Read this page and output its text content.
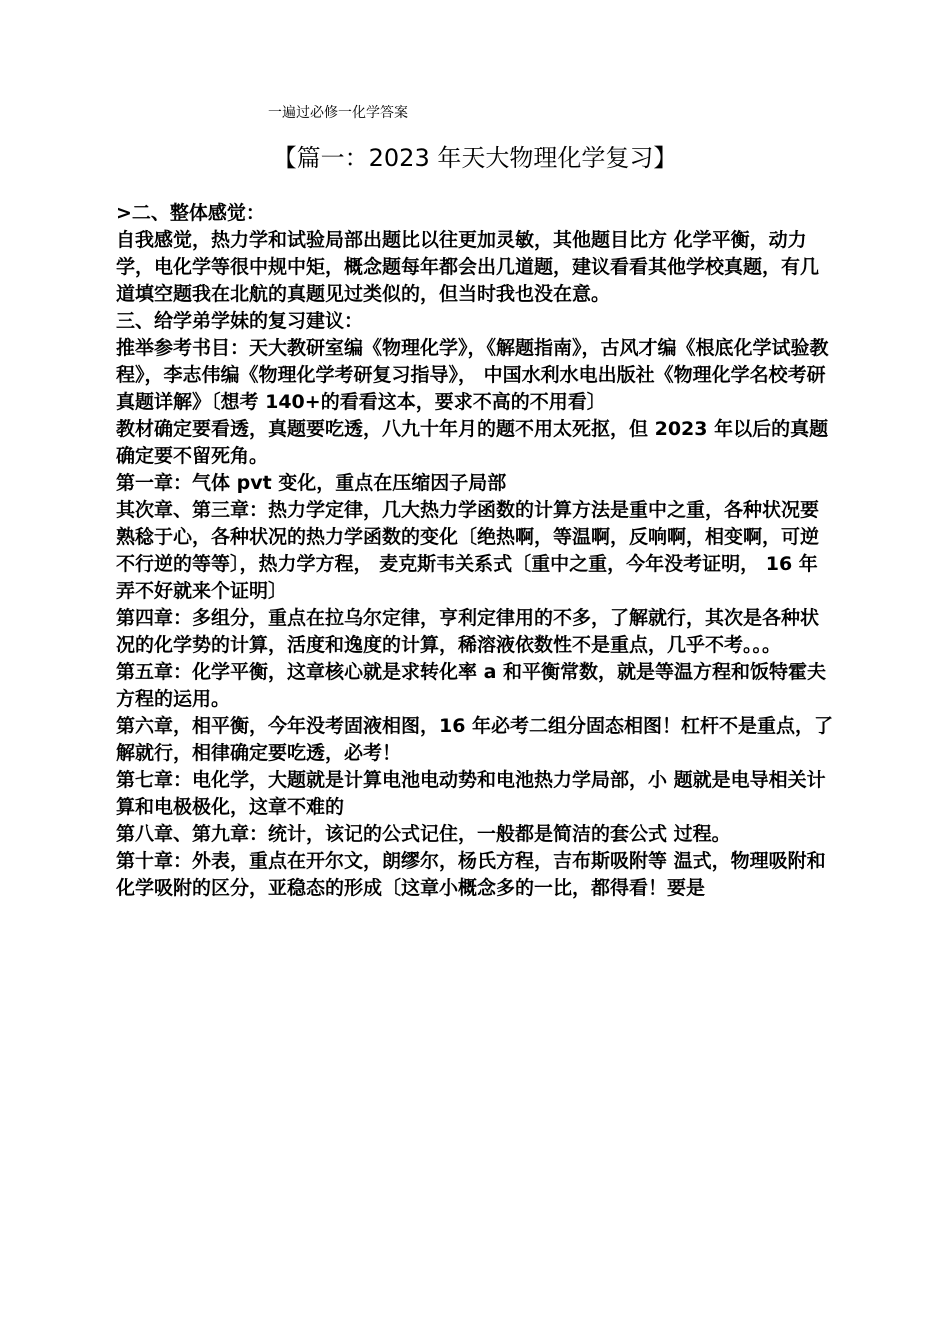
一遍过必修一化学答案
【篇一：2023 年天大物理化学复习】

>二、整体感觉：

自我感觉，热力学和试验局部出题比以往更加灵敏，其他题目比方 化学平衡，动力学，电化学等很中规中矩，概念题每年都会出几道题，建议看看其他学校真题，有几道填空题我在北航的真题见过类似的，但当时我也没在意。

三、给学弟学妹的复习建议：

推举参考书目：天大教研室编《物理化学》，《解题指南》，古风才编《根底化学试验教程》，李志伟编《物理化学考研复习指导》， 中国水利水电出版社《物理化学名校考研真题详解》〔想考 140+的看看这本，要求不高的不用看〕

教材确定要看透，真题要吃透，八九十年月的题不用太死抠，但 2023 年以后的真题确定要不留死角。

第一章：气体 pvt 变化，重点在压缩因子局部

其次章、第三章：热力学定律，几大热力学函数的计算方法是重中之重，各种状况要熟稔于心，各种状况的热力学函数的变化〔绝热啊，等温啊，反响啊，相变啊，可逆不行逆的等等〕，热力学方程， 麦克斯韦关系式〔重中之重，今年没考证明， 16 年弄不好就来个证明〕

第四章：多组分，重点在拉乌尔定律，亨利定律用的不多，了解就行，其次是各种状况的化学势的计算，活度和逸度的计算，稀溶液依数性不是重点，几乎不考。。。

第五章：化学平衡，这章核心就是求转化率 a 和平衡常数，就是等温方程和饭特霍夫方程的运用。

第六章，相平衡，今年没考固液相图，16 年必考二组分固态相图！杠杆不是重点，了解就行，相律确定要吃透，必考！

第七章：电化学，大题就是计算电池电动势和电池热力学局部，小 题就是电导相关计算和电极极化，这章不难的

第八章、第九章：统计，该记的公式记住，一般都是简洁的套公式 过程。

第十章：外表，重点在开尔文，朗缪尔，杨氏方程，吉布斯吸附等 温式，物理吸附和化学吸附的区分，亚稳态的形成〔这章小概念多的一比，都得看！要是
